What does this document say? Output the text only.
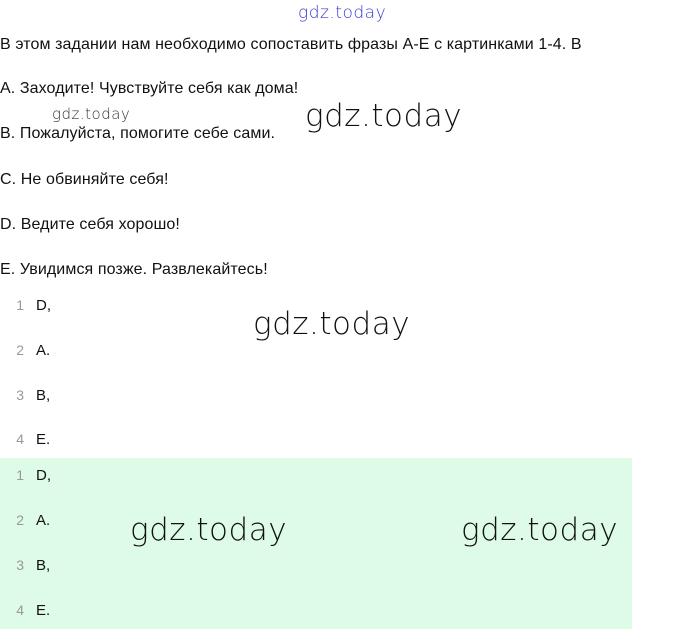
gdz.today
В этом задании нам необходимо сопоставить фразы A-E с картинками 1-4. В
A. Заходите! Чувствуйте себя как дома!
gdz.today
B. Пожалуйста, помогите себе сами. gdz.today
C. Не обвиняйте себя!
D. Ведите себя хорошо!
E. Увидимся позже. Развлекайтесь!
1 D,
2 A.
3 B,
4 E.
gdz.today
1 D,
2 A.
3 B,
4 E.
gdz.today	gdz.today
